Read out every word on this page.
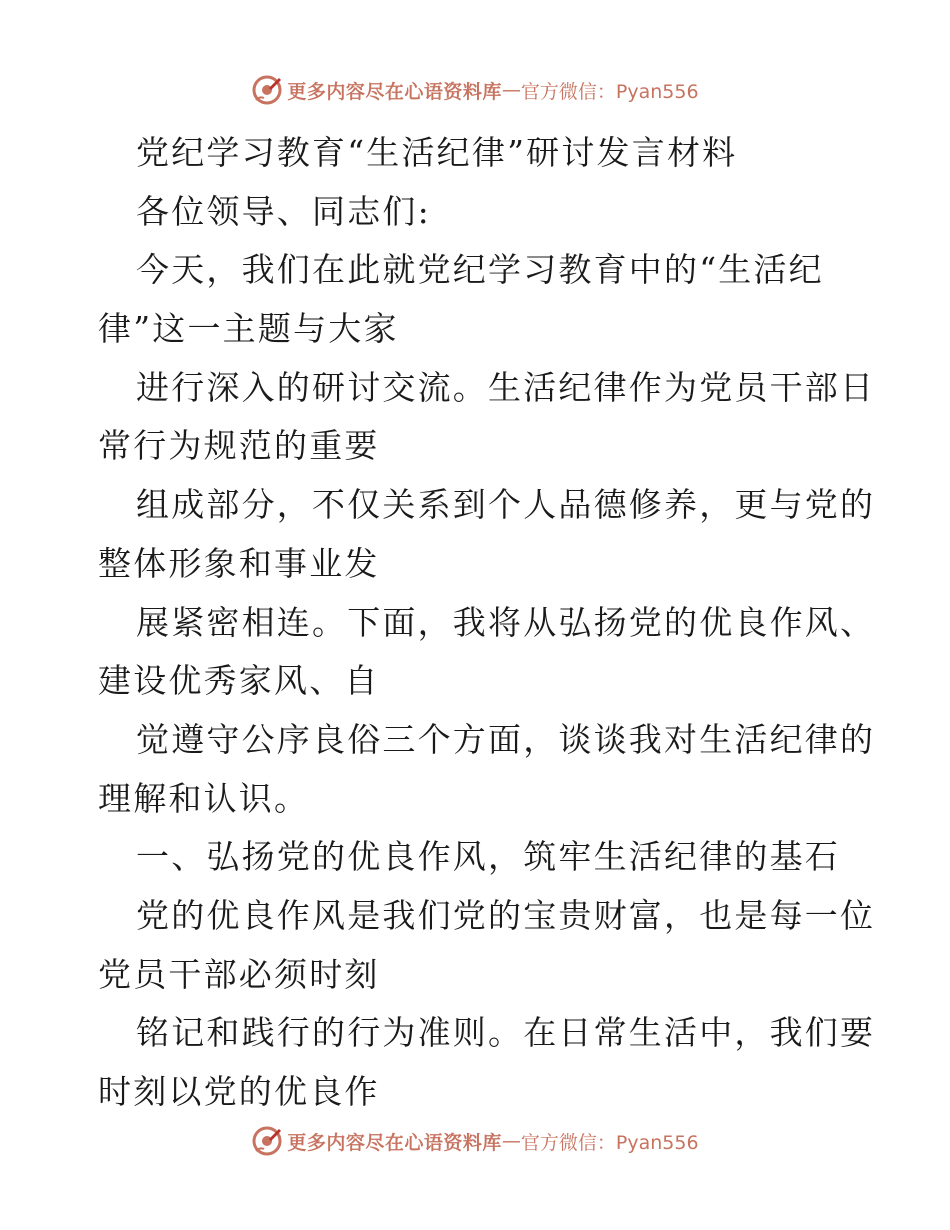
更多内容尽在心语资料库 — 官方微信：Pyan556
党纪学习教育“生活纪律”研讨发言材料
各位领导、同志们:
今天，我们在此就党纪学习教育中的“生活纪
律”这一主题与大家
进行深入的研讨交流。生活纪律作为党员干部日
常行为规范的重要
组成部分，不仅关系到个人品德修养，更与党的
整体形象和事业发
展紧密相连。下面，我将从弘扬党的优良作风、
建设优秀家风、自
觉遵守公序良俗三个方面，谈谈我对生活纪律的
理解和认识。
一、弘扬党的优良作风，筑牢生活纪律的基石
党的优良作风是我们党的宝贵财富，也是每一位
党员干部必须时刻
铭记和践行的行为准则。在日常生活中，我们要
时刻以党的优良作
更多内容尽在心语资料库 — 官方微信：Pyan556
